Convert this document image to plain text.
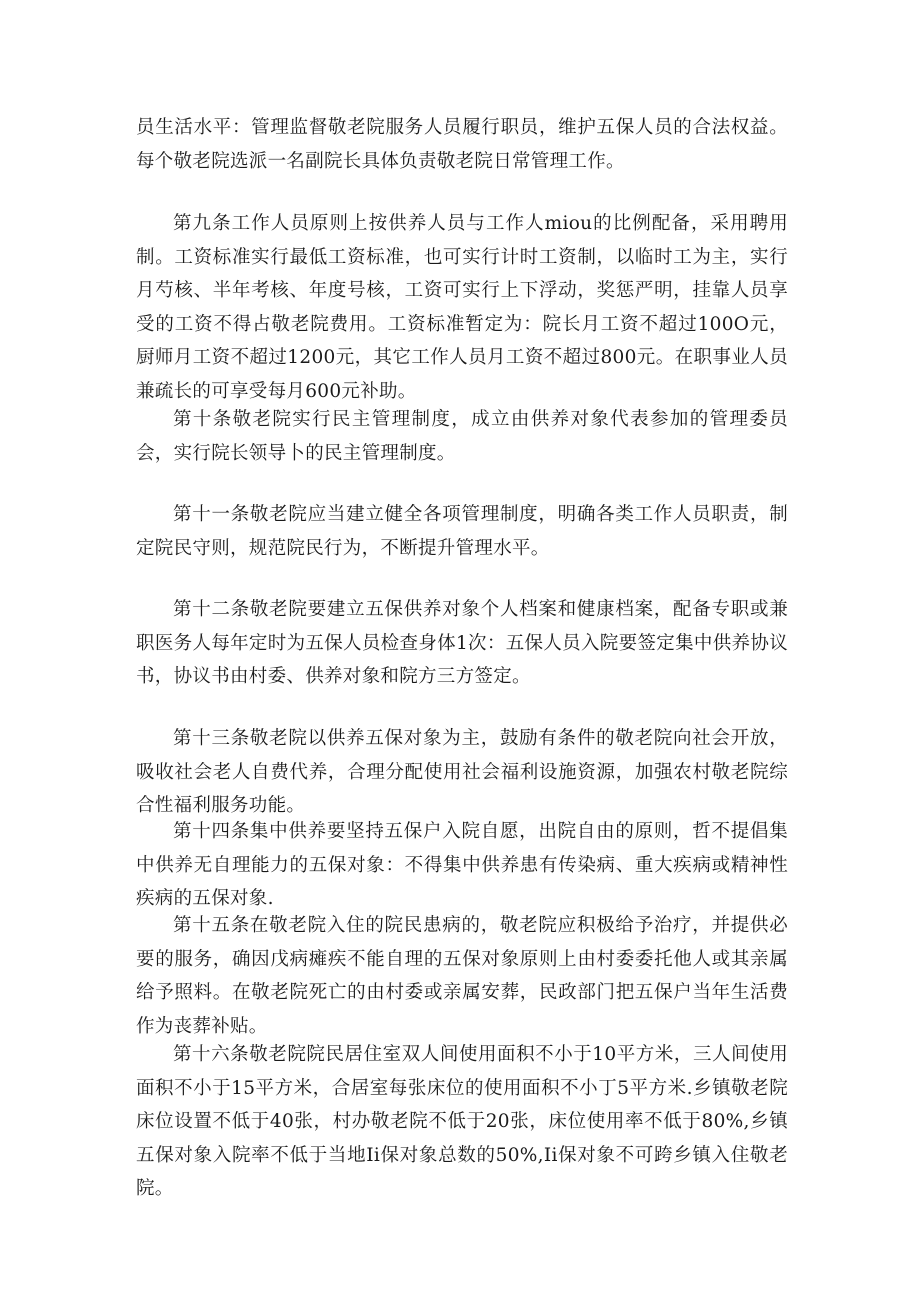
员生活水平：管理监督敬老院服务人员履行职员，维护五保人员的合法权益。每个敬老院选派一名副院长具体负责敬老院日常管理工作。

第九条工作人员原则上按供养人员与工作人miou的比例配备，采用聘用制。工资标准实行最低工资标准，也可实行计时工资制，以临时工为主，实行月芍核、半年考核、年度号核，工资可实行上下浮动，奖惩严明，挂靠人员享受的工资不得占敬老院费用。工资标准暂定为：院长月工资不超过100O元，厨师月工资不超过1200元，其它工作人员月工资不超过800元。在职事业人员兼疏长的可享受每月600元补助。

第十条敬老院实行民主管理制度，成立由供养对象代表参加的管理委员会，实行院长领导卜的民主管理制度。

第十一条敬老院应当建立健全各项管理制度，明确各类工作人员职责，制定院民守则，规范院民行为，不断提升管理水平。

第十二条敬老院要建立五保供养对象个人档案和健康档案，配备专职或兼职医务人每年定时为五保人员检查身体1次：五保人员入院要签定集中供养协议书，协议书由村委、供养对象和院方三方签定。

第十三条敬老院以供养五保对象为主，鼓励有条件的敬老院向社会开放，吸收社会老人自费代养，合理分配使用社会福利设施资源，加强农村敬老院综合性福利服务功能。

第十四条集中供养要坚持五保户入院自愿，出院自由的原则，哲不提倡集中供养无自理能力的五保对象：不得集中供养患有传染病、重大疾病或精神性疾病的五保对象.

第十五条在敬老院入住的院民患病的，敬老院应积极给予治疗，并提供必要的服务，确因戊病瘫疾不能自理的五保对象原则上由村委委托他人或其亲属给予照料。在敬老院死亡的由村委或亲属安葬，民政部门把五保户当年生活费作为丧葬补贴。

第十六条敬老院院民居住室双人间使用面积不小于10平方米，三人间使用面积不小于15平方米，合居室每张床位的使用面积不小丁5平方米.乡镇敬老院床位设置不低于40张，村办敬老院不低于20张，床位使用率不低于80%,乡镇五保对象入院率不低于当地Ii保对象总数的50%,Ii保对象不可跨乡镇入住敬老院。
